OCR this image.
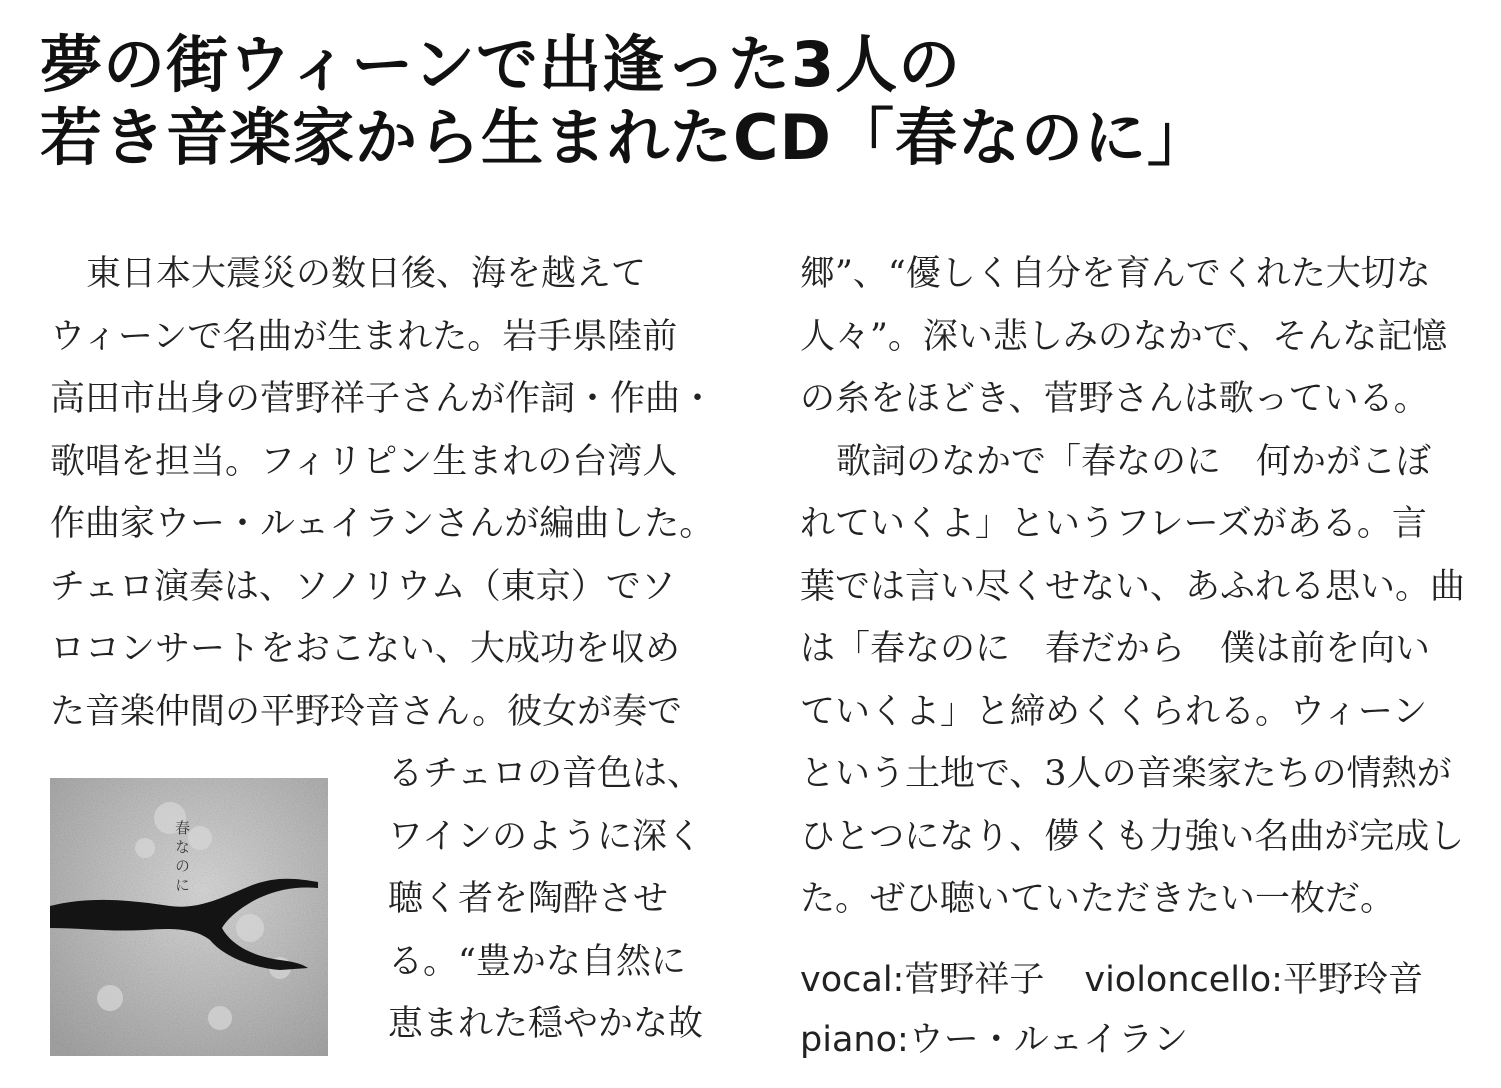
夢の街ウィーンで出逢った3人の
若き音楽家から生まれたCD「春なのに」

東日本大震災の数日後、海を越えて
ウィーンで名曲が生まれた。岩手県陸前
高田市出身の菅野祥子さんが作詞・作曲・
歌唱を担当。フィリピン生まれの台湾人
作曲家ウー・ルェイランさんが編曲した。
チェロ演奏は、ソノリウム（東京）でソ
ロコンサートをおこない、大成功を収め
た音楽仲間の平野玲音さん。彼女が奏で

春なのに
るチェロの音色は、
ワインのように深く
聴く者を陶酔させ
る。“豊かな自然に
恵まれた穏やかな故
郷”、“優しく自分を育んでくれた大切な
人々”。深い悲しみのなかで、そんな記憶
の糸をほどき、菅野さんは歌っている。
歌詞のなかで「春なのに　何かがこぼ
れていくよ」というフレーズがある。言
葉では言い尽くせない、あふれる思い。曲
は「春なのに　春だから　僕は前を向い
ていくよ」と締めくくられる。ウィーン
という土地で、3人の音楽家たちの情熱が
ひとつになり、儚くも力強い名曲が完成し
た。ぜひ聴いていただきたい一枚だ。
vocal:菅野祥子 violoncello:平野玲音
piano:ウー・ルェイラン
